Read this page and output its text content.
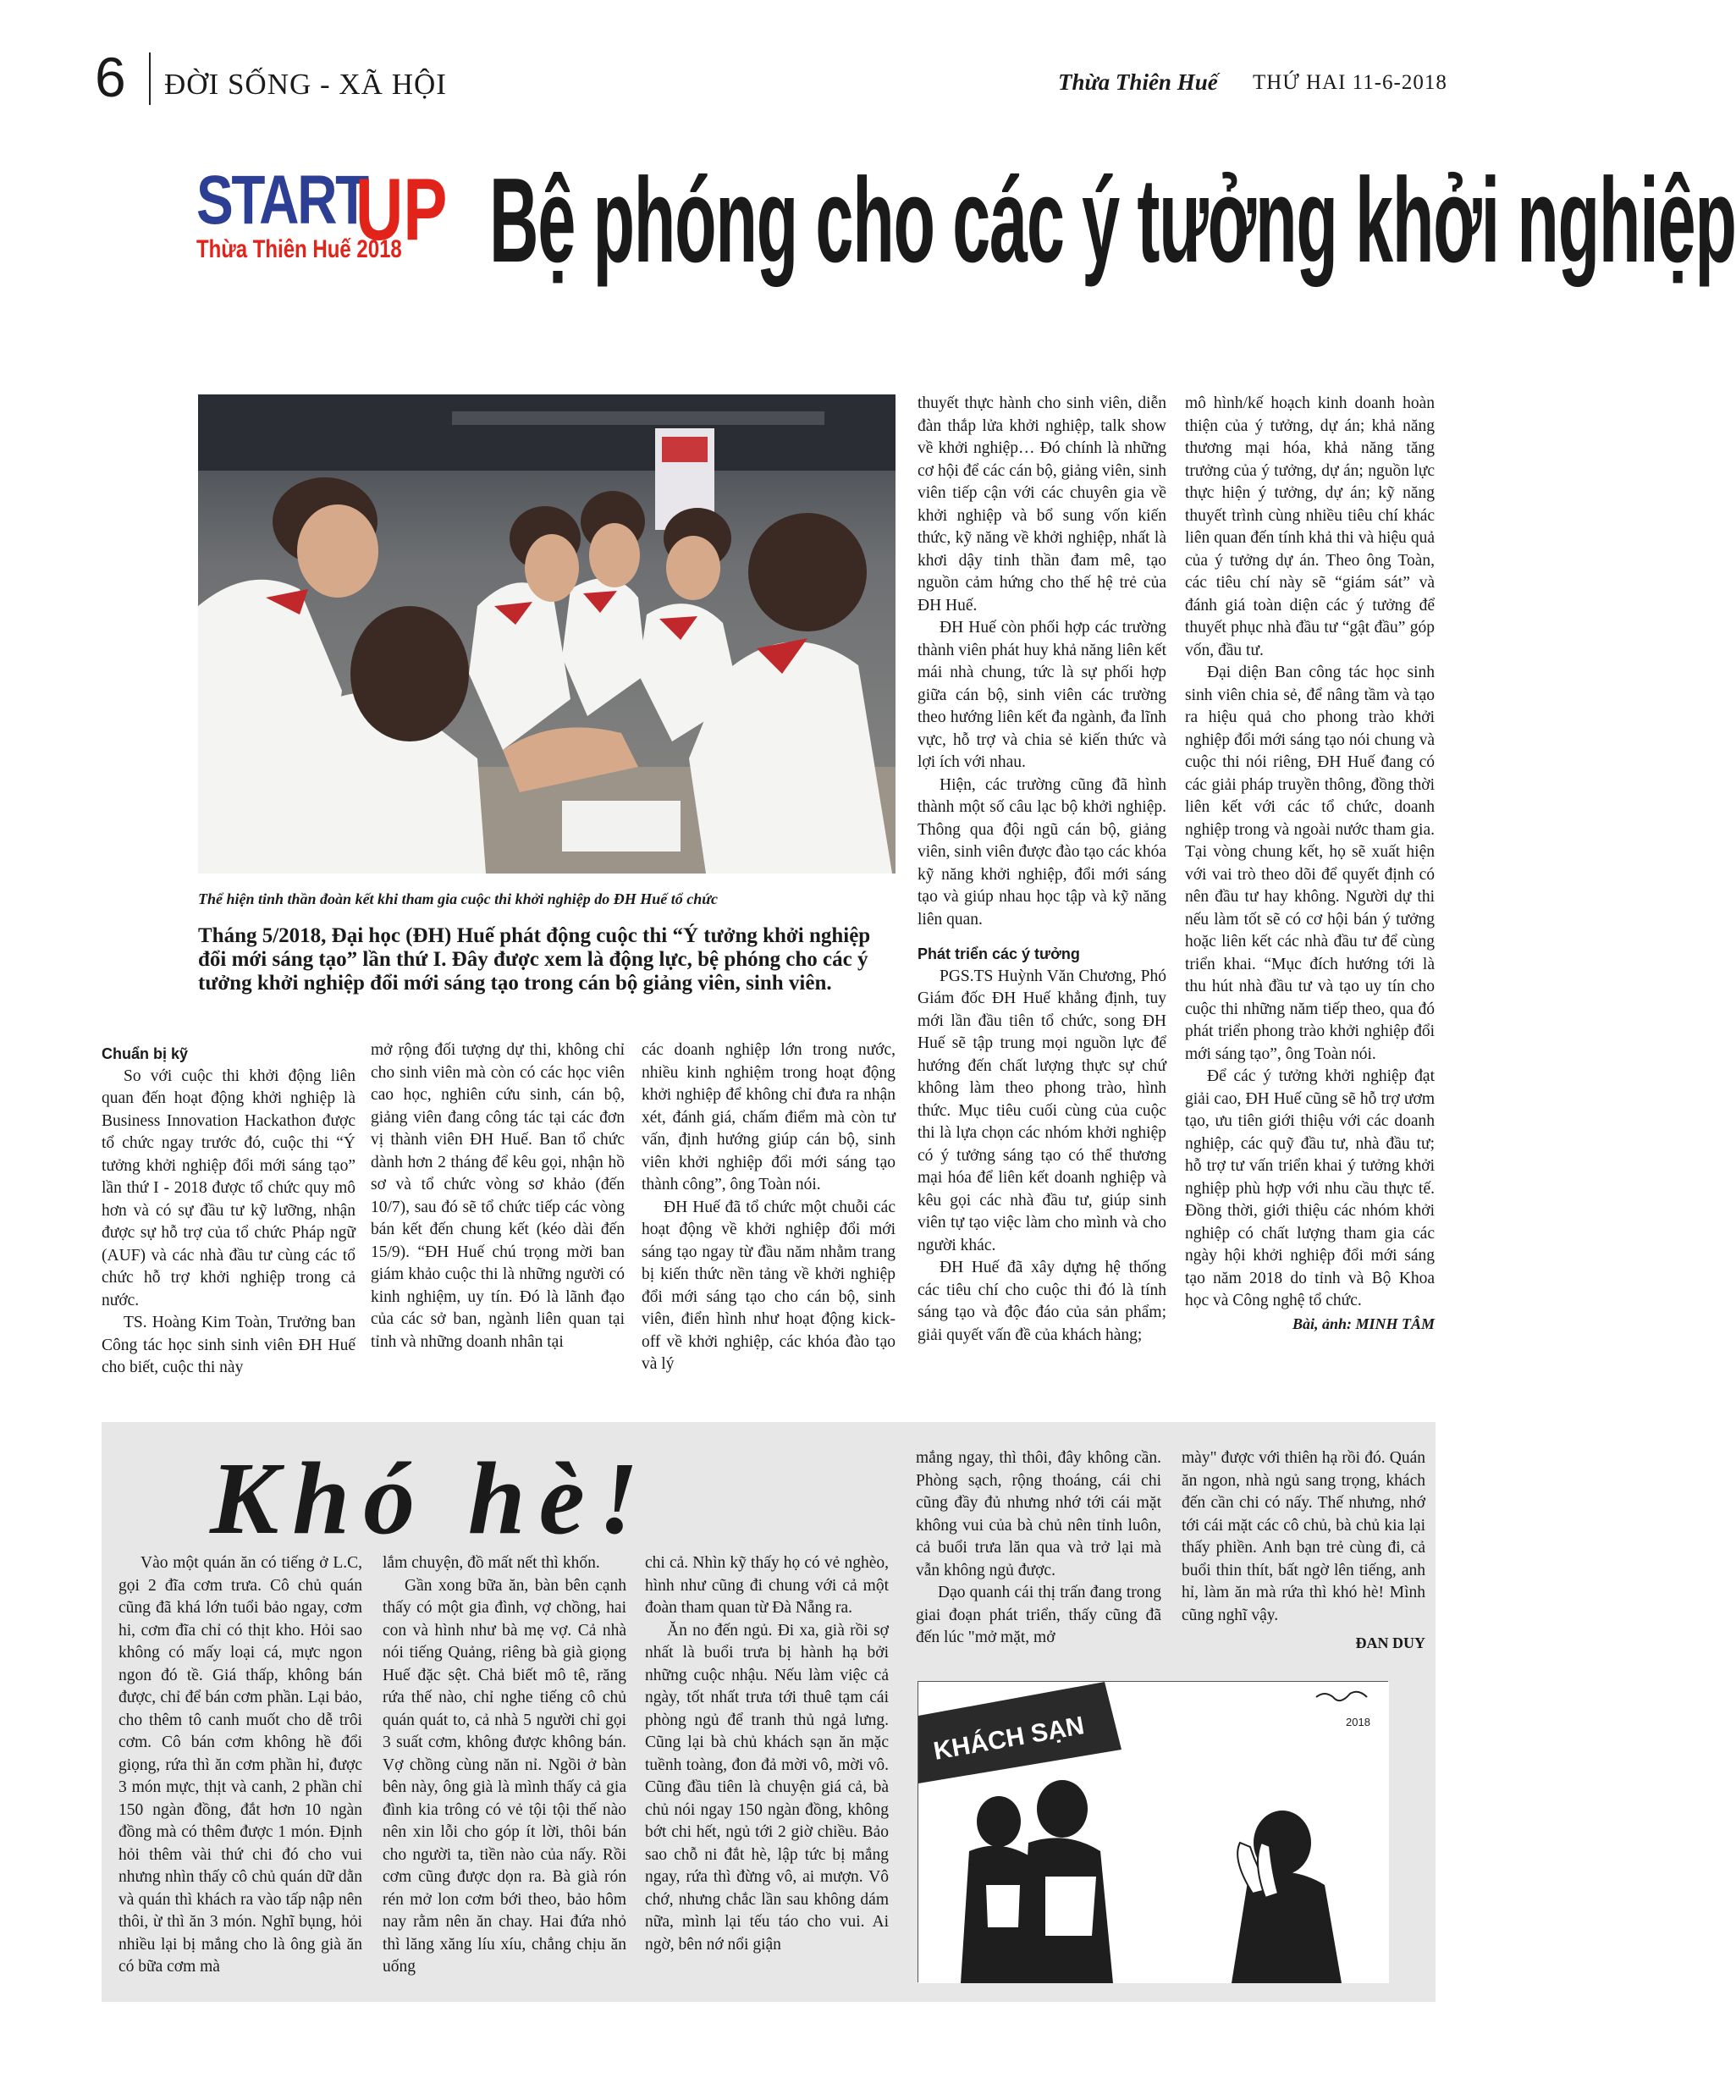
6 ĐỜI SỐNG - XÃ HỘI	Thừa Thiên Huế THỨ HAI 11-6-2018
START
UP
Thừa Thiên Huế 2018 Bệ phóng cho các ý tưởng khởi nghiệp
Thể hiện tinh thần đoàn kết khi tham gia cuộc thi khởi nghiệp do ĐH Huế tổ chức
Tháng 5/2018, Đại học (ĐH) Huế phát động cuộc thi “Ý tưởng khởi nghiệp đổi mới sáng tạo” lần thứ I. Đây được xem là động lực, bệ phóng cho các ý tưởng khởi nghiệp đổi mới sáng tạo trong cán bộ giảng viên, sinh viên.

Chuẩn bị kỹ

So với cuộc thi khởi động liên quan đến hoạt động khởi nghiệp là Business Innovation Hackathon được tổ chức ngay trước đó, cuộc thi “Ý tưởng khởi nghiệp đổi mới sáng tạo” lần thứ I - 2018 được tổ chức quy mô hơn và có sự đầu tư kỹ lưỡng, nhận được sự hỗ trợ của tổ chức Pháp ngữ (AUF) và các nhà đầu tư cùng các tổ chức hỗ trợ khởi nghiệp trong cả nước.

TS. Hoàng Kim Toàn, Trưởng ban Công tác học sinh sinh viên ĐH Huế cho biết, cuộc thi này

mở rộng đối tượng dự thi, không chỉ cho sinh viên mà còn có các học viên cao học, nghiên cứu sinh, cán bộ, giảng viên đang công tác tại các đơn vị thành viên ĐH Huế. Ban tổ chức dành hơn 2 tháng để kêu gọi, nhận hồ sơ và tổ chức vòng sơ khảo (đến 10/7), sau đó sẽ tổ chức tiếp các vòng bán kết đến chung kết (kéo dài đến 15/9). “ĐH Huế chú trọng mời ban giám khảo cuộc thi là những người có kinh nghiệm, uy tín. Đó là lãnh đạo của các sở ban, ngành liên quan tại tỉnh và những doanh nhân tại

các doanh nghiệp lớn trong nước, nhiều kinh nghiệm trong hoạt động khởi nghiệp để không chỉ đưa ra nhận xét, đánh giá, chấm điểm mà còn tư vấn, định hướng giúp cán bộ, sinh viên khởi nghiệp đổi mới sáng tạo thành công”, ông Toàn nói.

ĐH Huế đã tổ chức một chuỗi các hoạt động về khởi nghiệp đổi mới sáng tạo ngay từ đầu năm nhằm trang bị kiến thức nền tảng về khởi nghiệp đổi mới sáng tạo cho cán bộ, sinh viên, điển hình như hoạt động kick-off về khởi nghiệp, các khóa đào tạo và lý

thuyết thực hành cho sinh viên, diễn đàn thắp lửa khởi nghiệp, talk show về khởi nghiệp… Đó chính là những cơ hội để các cán bộ, giảng viên, sinh viên tiếp cận với các chuyên gia về khởi nghiệp và bổ sung vốn kiến thức, kỹ năng về khởi nghiệp, nhất là khơi dậy tinh thần đam mê, tạo nguồn cảm hứng cho thế hệ trẻ của ĐH Huế.

ĐH Huế còn phối hợp các trường thành viên phát huy khả năng liên kết mái nhà chung, tức là sự phối hợp giữa cán bộ, sinh viên các trường theo hướng liên kết đa ngành, đa lĩnh vực, hỗ trợ và chia sẻ kiến thức và lợi ích với nhau.

Hiện, các trường cũng đã hình thành một số câu lạc bộ khởi nghiệp. Thông qua đội ngũ cán bộ, giảng viên, sinh viên được đào tạo các khóa kỹ năng khởi nghiệp, đổi mới sáng tạo và giúp nhau học tập và kỹ năng liên quan.

Phát triển các ý tưởng

PGS.TS Huỳnh Văn Chương, Phó Giám đốc ĐH Huế khẳng định, tuy mới lần đầu tiên tổ chức, song ĐH Huế sẽ tập trung mọi nguồn lực để hướng đến chất lượng thực sự chứ không làm theo phong trào, hình thức. Mục tiêu cuối cùng của cuộc thi là lựa chọn các nhóm khởi nghiệp có ý tưởng sáng tạo có thể thương mại hóa để liên kết doanh nghiệp và kêu gọi các nhà đầu tư, giúp sinh viên tự tạo việc làm cho mình và cho người khác.

ĐH Huế đã xây dựng hệ thống các tiêu chí cho cuộc thi đó là tính sáng tạo và độc đáo của sản phẩm; giải quyết vấn đề của khách hàng;

mô hình/kế hoạch kinh doanh hoàn thiện của ý tưởng, dự án; khả năng thương mại hóa, khả năng tăng trưởng của ý tưởng, dự án; nguồn lực thực hiện ý tưởng, dự án; kỹ năng thuyết trình cùng nhiều tiêu chí khác liên quan đến tính khả thi và hiệu quả của ý tưởng dự án. Theo ông Toàn, các tiêu chí này sẽ “giám sát” và đánh giá toàn diện các ý tưởng để thuyết phục nhà đầu tư “gật đầu” góp vốn, đầu tư.

Đại diện Ban công tác học sinh sinh viên chia sẻ, để nâng tầm và tạo ra hiệu quả cho phong trào khởi nghiệp đổi mới sáng tạo nói chung và cuộc thi nói riêng, ĐH Huế đang có các giải pháp truyền thông, đồng thời liên kết với các tổ chức, doanh nghiệp trong và ngoài nước tham gia. Tại vòng chung kết, họ sẽ xuất hiện với vai trò theo dõi để quyết định có nên đầu tư hay không. Người dự thi nếu làm tốt sẽ có cơ hội bán ý tưởng hoặc liên kết các nhà đầu tư để cùng triển khai. “Mục đích hướng tới là thu hút nhà đầu tư và tạo uy tín cho cuộc thi những năm tiếp theo, qua đó phát triển phong trào khởi nghiệp đổi mới sáng tạo”, ông Toàn nói.

Để các ý tưởng khởi nghiệp đạt giải cao, ĐH Huế cũng sẽ hỗ trợ ươm tạo, ưu tiên giới thiệu với các doanh nghiệp, các quỹ đầu tư, nhà đầu tư; hỗ trợ tư vấn triển khai ý tưởng khởi nghiệp phù hợp với nhu cầu thực tế. Đồng thời, giới thiệu các nhóm khởi nghiệp có chất lượng tham gia các ngày hội khởi nghiệp đổi mới sáng tạo năm 2018 do tỉnh và Bộ Khoa học và Công nghệ tổ chức.

Bài, ảnh: MINH TÂM

Khó hè!

Vào một quán ăn có tiếng ở L.C, gọi 2 đĩa cơm trưa. Cô chủ quán cũng đã khá lớn tuổi bảo ngay, cơm hi, cơm đĩa chỉ có thịt kho. Hỏi sao không có mấy loại cá, mực ngon ngon đó tề. Giá thấp, không bán được, chỉ để bán cơm phần. Lại bảo, cho thêm tô canh muốt cho dễ trôi cơm. Cô bán cơm không hề đổi giọng, rứa thì ăn cơm phần hỉ, được 3 món mực, thịt và canh, 2 phần chỉ 150 ngàn đồng, đắt hơn 10 ngàn đồng mà có thêm được 1 món. Định hỏi thêm vài thứ chi đó cho vui nhưng nhìn thấy cô chủ quán dữ dằn và quán thì khách ra vào tấp nập nên thôi, ừ thì ăn 3 món. Nghĩ bụng, hỏi nhiều lại bị mắng cho là ông già ăn có bữa cơm mà

lắm chuyện, đồ mất nết thì khốn.

Gần xong bữa ăn, bàn bên cạnh thấy có một gia đình, vợ chồng, hai con và hình như bà mẹ vợ. Cả nhà nói tiếng Quảng, riêng bà già giọng Huế đặc sệt. Chả biết mô tê, răng rứa thế nào, chỉ nghe tiếng cô chủ quán quát to, cả nhà 5 người chỉ gọi 3 suất cơm, không được không bán. Vợ chồng cùng năn nỉ. Ngồi ở bàn bên này, ông già là mình thấy cả gia đình kia trông có vẻ tội tội thế nào nên xin lỗi cho góp ít lời, thôi bán cho người ta, tiền nào của nấy. Rồi cơm cũng được dọn ra. Bà già rón rén mở lon cơm bới theo, bảo hôm nay rằm nên ăn chay. Hai đứa nhỏ thì lăng xăng líu xíu, chẳng chịu ăn uống

chi cả. Nhìn kỹ thấy họ có vẻ nghèo, hình như cũng đi chung với cả một đoàn tham quan từ Đà Nẵng ra.

Ăn no đến ngủ. Đi xa, già rồi sợ nhất là buổi trưa bị hành hạ bởi những cuộc nhậu. Nếu làm việc cả ngày, tốt nhất trưa tới thuê tạm cái phòng ngủ để tranh thủ ngả lưng. Cũng lại bà chủ khách sạn ăn mặc tuềnh toàng, đon đả mời vô, mời vô. Cũng đầu tiên là chuyện giá cả, bà chủ nói ngay 150 ngàn đồng, không bớt chi hết, ngủ tới 2 giờ chiều. Bảo sao chỗ ni đắt hè, lập tức bị mắng ngay, rứa thì đừng vô, ai mượn. Vô chớ, nhưng chắc lần sau không dám nữa, mình lại tếu táo cho vui. Ai ngờ, bên nớ nổi giận

mắng ngay, thì thôi, đây không cần. Phòng sạch, rộng thoáng, cái chi cũng đầy đủ nhưng nhớ tới cái mặt không vui của bà chủ nên tỉnh luôn, cả buổi trưa lăn qua và trở lại mà vẫn không ngủ được.

Dạo quanh cái thị trấn đang trong giai đoạn phát triển, thấy cũng đã đến lúc "mở mặt, mở

mày" được với thiên hạ rồi đó. Quán ăn ngon, nhà ngủ sang trọng, khách đến cần chi có nấy. Thế nhưng, nhớ tới cái mặt các cô chủ, bà chủ kia lại thấy phiền. Anh bạn trẻ cùng đi, cả buổi thin thít, bất ngờ lên tiếng, anh hỉ, làm ăn mà rứa thì khó hè! Mình cũng nghĩ vậy.

ĐAN DUY

KHÁCH SẠN	2018
